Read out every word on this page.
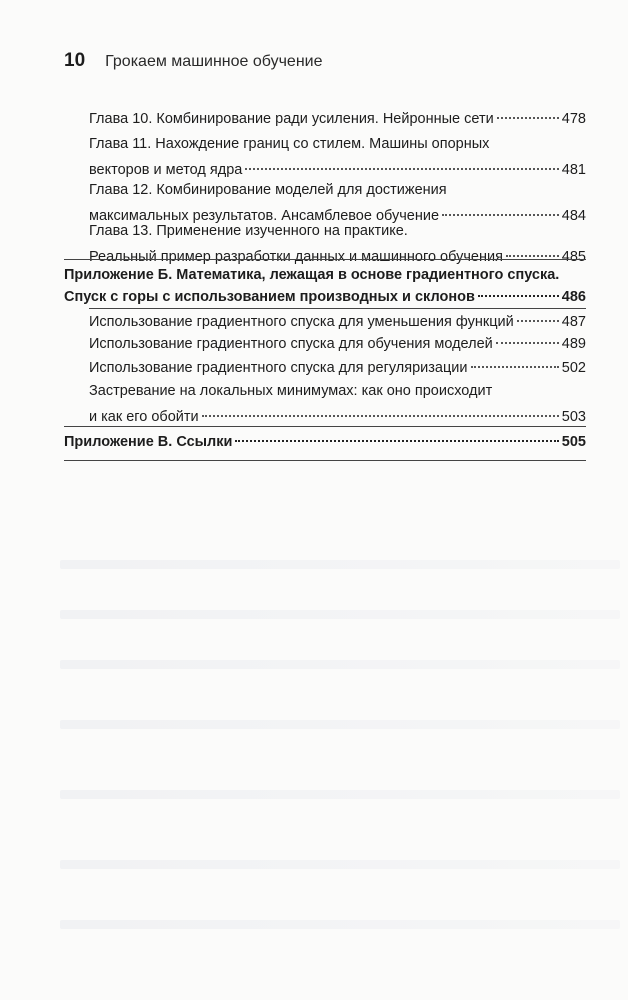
10 Грокаем машинное обучение
Глава 10. Комбинирование ради усиления. Нейронные сети	478
Глава 11. Нахождение границ со стилем. Машины опорных
векторов и метод ядра	481
Глава 12. Комбинирование моделей для достижения
максимальных результатов. Ансамблевое обучение	484
Глава 13. Применение изученного на практике.
Реальный пример разработки данных и машинного обучения	485
Приложение Б. Математика, лежащая в основе градиентного спуска.
Спуск с горы с использованием производных и склонов	486
Использование градиентного спуска для уменьшения функций	487
Использование градиентного спуска для обучения моделей	489
Использование градиентного спуска для регуляризации	502
Застревание на локальных минимумах: как оно происходит
и как его обойти	503
Приложение В. Ссылки	505
